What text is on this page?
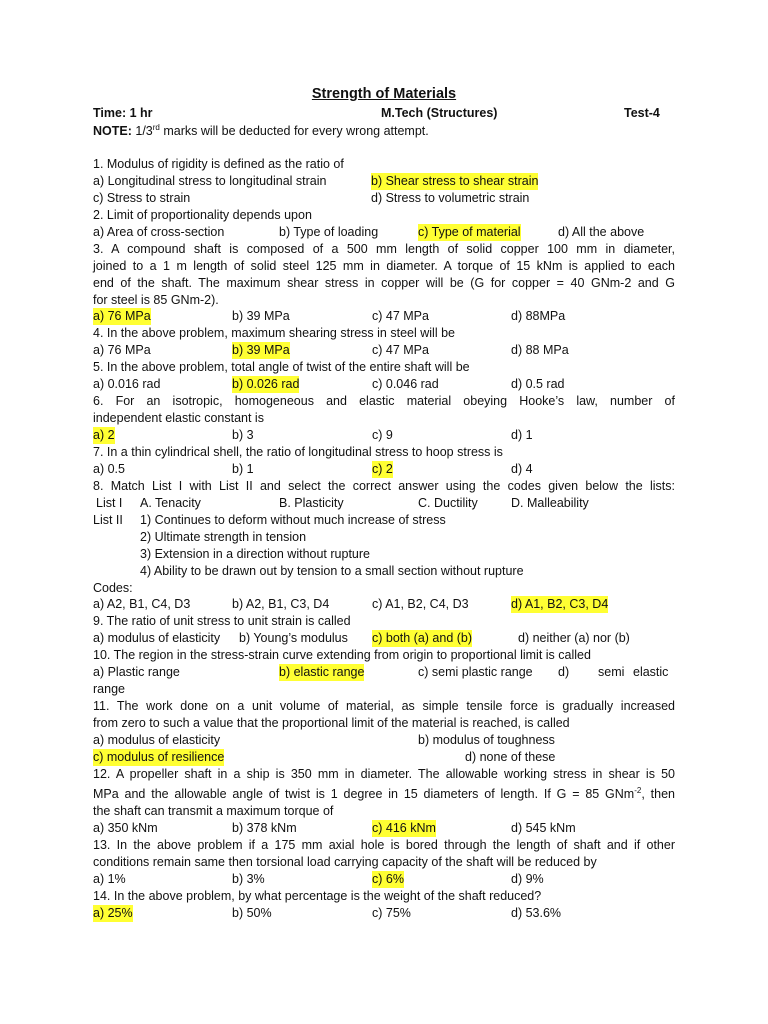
Strength of Materials
Time: 1 hr	M.Tech (Structures)	Test-4
NOTE: 1/3rd marks will be deducted for every wrong attempt.
1. Modulus of rigidity is defined as the ratio of
a) Longitudinal stress to longitudinal strain	b) Shear stress to shear strain
c) Stress to strain	d) Stress to volumetric strain
2. Limit of proportionality depends upon
a) Area of cross-section	b) Type of loading	c) Type of material	d) All the above
3. A compound shaft is composed of a 500 mm length of solid copper 100 mm in diameter,
joined to a 1 m length of solid steel 125 mm in diameter. A torque of 15 kNm is applied to each
end of the shaft. The maximum shear stress in copper will be (G for copper = 40 GNm-2 and G
for steel is 85 GNm-2).
a) 76 MPa	b) 39 MPa	c) 47 MPa	d) 88MPa
4. In the above problem, maximum shearing stress in steel will be
a) 76 MPa	b) 39 MPa	c) 47 MPa	d) 88 MPa
5. In the above problem, total angle of twist of the entire shaft will be
a) 0.016 rad	b) 0.026 rad	c) 0.046 rad	d) 0.5 rad
6. For an isotropic, homogeneous and elastic material obeying Hooke’s law, number of
independent elastic constant is
a) 2	b) 3	c) 9	d) 1
7. In a thin cylindrical shell, the ratio of longitudinal stress to hoop stress is
a) 0.5	b) 1	c) 2	d) 4
8. Match List I with List II and select the correct answer using the codes given below the lists:
List I A. Tenacity	B. Plasticity	C. Ductility	D. Malleability
List II 1) Continues to deform without much increase of stress
2) Ultimate strength in tension
3) Extension in a direction without rupture
4) Ability to be drawn out by tension to a small section without rupture
Codes:
a) A2, B1, C4, D3	b) A2, B1, C3, D4	c) A1, B2, C4, D3	d) A1, B2, C3, D4
9. The ratio of unit stress to unit strain is called
a) modulus of elasticity b) Young’s modulus c) both (a) and (b)	d) neither (a) nor (b)
10. The region in the stress-strain curve extending from origin to proportional limit is called
a) Plastic range	b) elastic range	c) semi plastic range d) semi elastic
range
11. The work done on a unit volume of material, as simple tensile force is gradually increased
from zero to such a value that the proportional limit of the material is reached, is called
a) modulus of elasticity	b) modulus of toughness
c) modulus of resilience	d) none of these
12. A propeller shaft in a ship is 350 mm in diameter. The allowable working stress in shear is 50
MPa and the allowable angle of twist is 1 degree in 15 diameters of length. If G = 85 GNm$^{-2}$, then
the shaft can transmit a maximum torque of
a) 350 kNm	b) 378 kNm	c) 416 kNm	d) 545 kNm
13. In the above problem if a 175 mm axial hole is bored through the length of shaft and if other
conditions remain same then torsional load carrying capacity of the shaft will be reduced by
a) 1%	b) 3%	c) 6%	d) 9%
14. In the above problem, by what percentage is the weight of the shaft reduced?
a) 25%	b) 50%	c) 75%	d) 53.6%
